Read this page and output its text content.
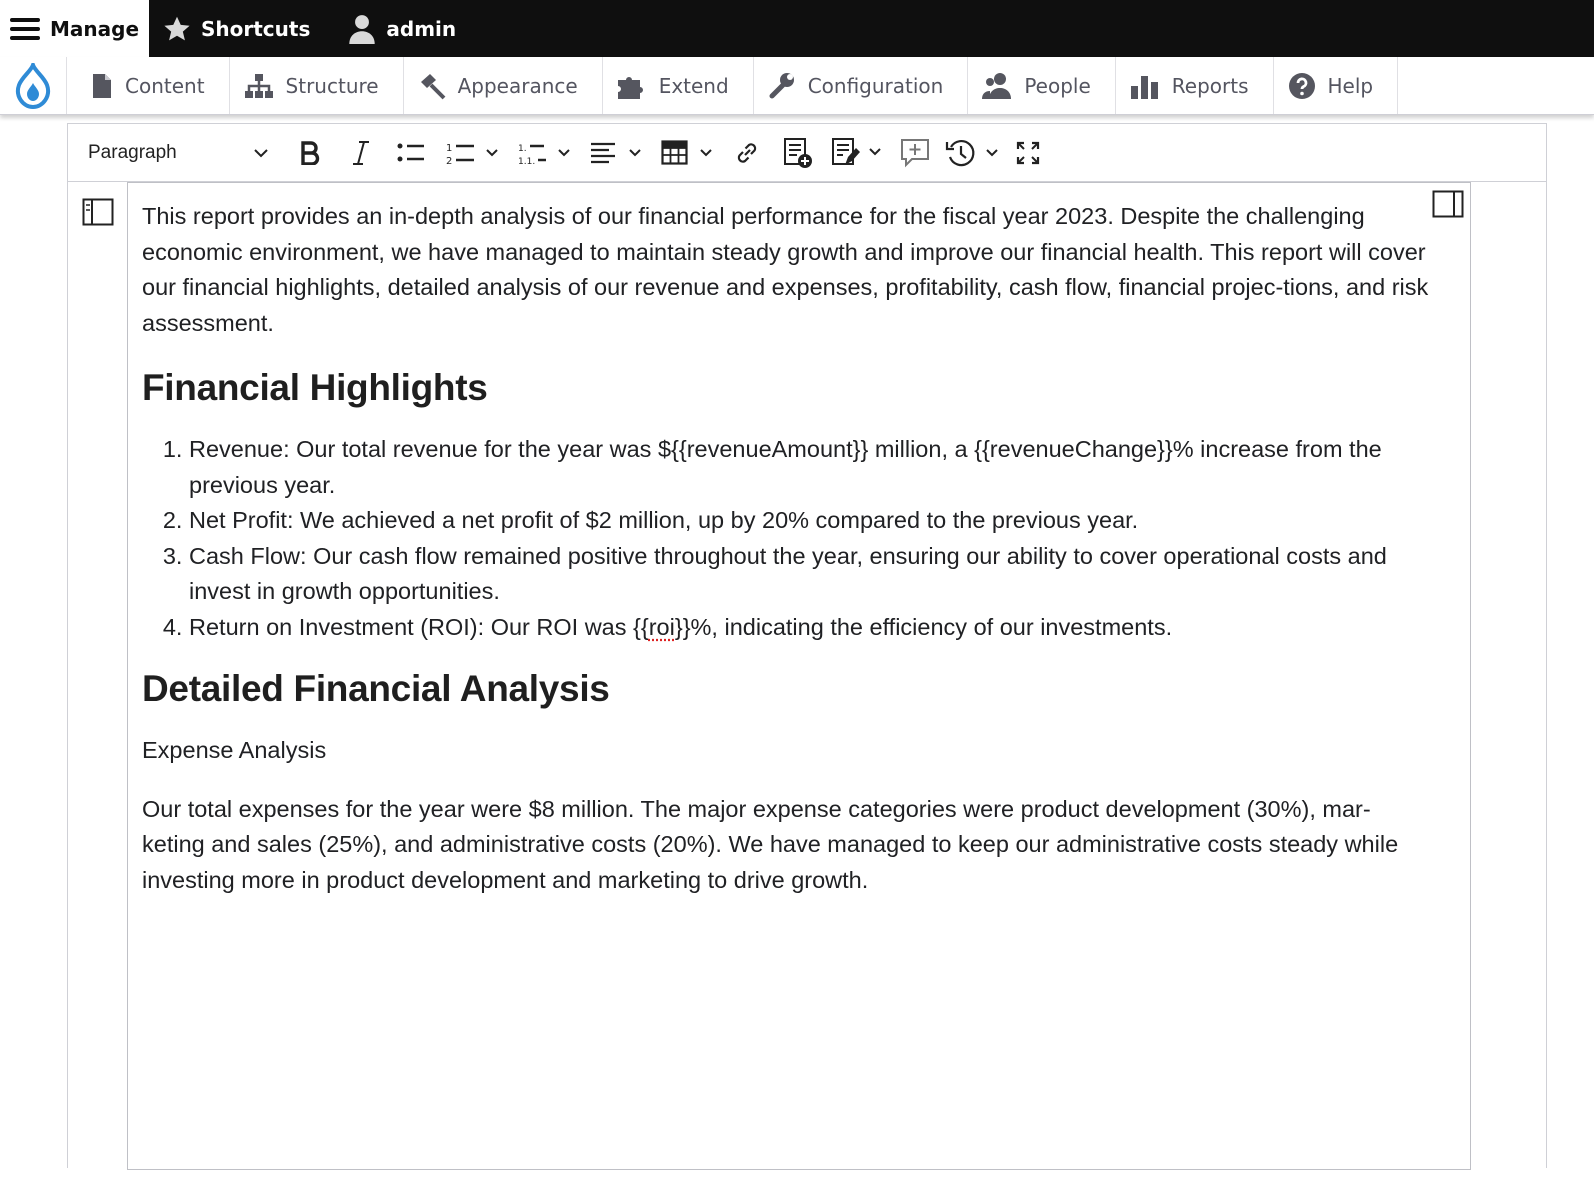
Manage	Shortcuts	admin
Content	Structure	Appearance	Extend	Configuration	People	Reports	Help
Paragraph	1
2
1.
1.1.

This report provides an in-depth analysis of our financial performance for the fiscal year 2023. Despite the challenging economic environment, we have managed to maintain steady growth and improve our financial health. This report will cover our financial highlights, detailed analysis of our revenue and expenses, profitability, cash flow, financial projec-tions, and risk assessment.

Financial Highlights
1. Revenue: Our total revenue for the year was ${{revenueAmount}} million, a {{revenueChange}}% increase from the previous year.
2. Net Profit: We achieved a net profit of $2 million, up by 20% compared to the previous year.
3. Cash Flow: Our cash flow remained positive throughout the year, ensuring our ability to cover operational costs and invest in growth opportunities.
4. Return on Investment (ROI): Our ROI was {{roi}}%, indicating the efficiency of our investments.
Detailed Financial Analysis

Expense Analysis

Our total expenses for the year were $8 million. The major expense categories were product development (30%), mar-keting and sales (25%), and administrative costs (20%). We have managed to keep our administrative costs steady while investing more in product development and marketing to drive growth.
